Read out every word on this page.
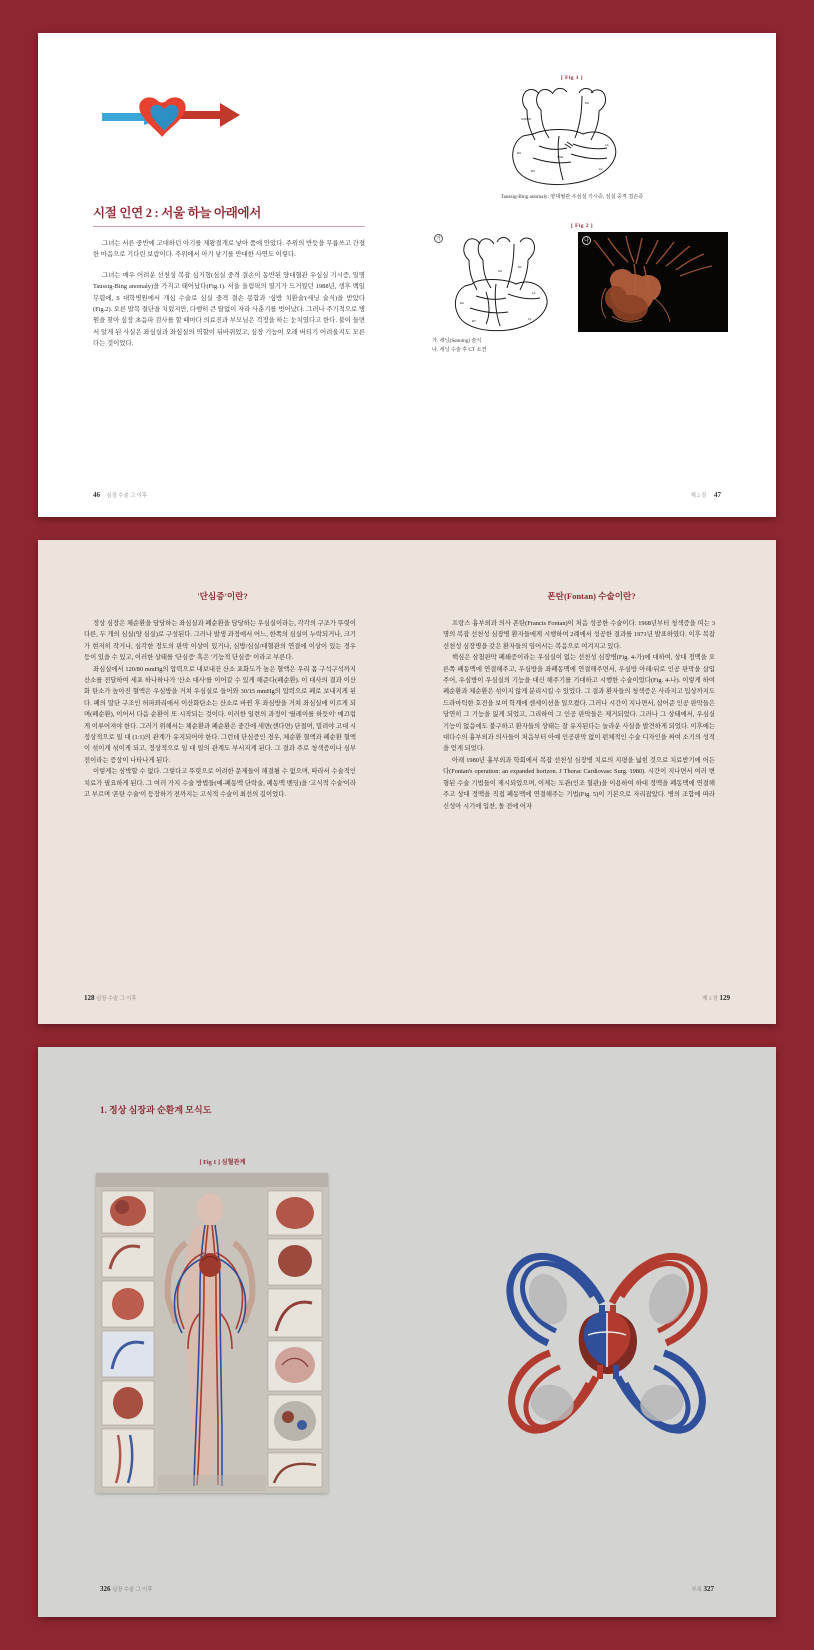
시절 인연 2 : 서울 하늘 아래에서

그녀는 서른 중반에 고대하던 아기를 제왕절개로 낳아 품에 안았다. 주위의 반듯을 무릅쓰고 간절한 마음으로 기다린 보람이다. 주위에서 아기 낳기를 반대한 사연도 이렇다.

그녀는 매우 어려운 선천성 복잡 심기형(심실 중격 결손이 동반된 양대혈관 우심실 기시증, 일명 Taussig-Bing anomaly)을 가지고 태어났다(Fig.1). 서울 올림픽의 열기가 드거웠던 1988년, 생후 백일 무렵에, S 대학병원에서 개심 수술로 심실 중격 결손 봉합과 '심방 치환술'(세닝 술식)을 받았다(Fig.2). 오른 발목 절단을 치렀지만, 다행히 큰 탈없이 자라 사춘기를 벗어났다. 그러나 주기적으로 병원을 찾아 심장 초음파 검사를 할 때마다 의료진과 부모님은 걱정을 하는 눈치였다고 한다. 불이 들면서 알게 된 사실은 좌심실과 좌심실의 역할이 뒤바뀌었고, 심장 기능이 오래 버티기 어려울지도 모른다는 것이었다.

46 심장 수술 그 이후
[ Fig 1 ]
AORTA
PA
RA
LA
RV	LV
VSD
Taussig-Bing anomaly: 양대혈관 우심실 기시증, 심실 중격 결손증
[ Fig 2 ]
가
AO
PA
RA
LA
RV	LV
나
가. 세닝(Senning) 술식
나. 세닝 수술 후 CT 소견
제 2 장 47
'단심증'이란?

정상 심장은 체순환을 담당하는 좌심실과 폐순환을 담당하는 우심실이라는, 각각의 구조가 뚜렷이 다른, 두 개의 심실(양 심실)로 구성된다. 그러나 발생 과정에서 어느, 한쪽의 심실이 누락되거나, 크기가 현저히 작거나, 심각한 정도의 판막 이상이 있거나, 심방/심실/대혈관의 연결에 이상이 있는 경우 등이 있을 수 있고, 이러한 상태를 '단심증' 혹은 '기능적 단심증' 이라고 부른다.

좌심실에서 120/80 mmHg의 압력으로 내보내진 산소 포화도가 높은 혈액은 우리 몸 구석구석까지 산소를 전달하여 세포 하나하나가 '산소 대사'를 이어갈 수 있게 해준다(폐순환). 이 대사의 결과 이산화 탄소가 높아진 혈액은 우심방을 거쳐 우심실로 들어와 30/15 mmHg의 압력으로 폐로 보내지게 된다. 폐의 말단 구조인 허파꽈리에서 이산화탄소는 산소로 바뀐 후 좌심방을 거쳐 좌심실에 이르게 되며(폐순환), 이어서 다음 순환이 또 시작되는 것이다. 이러한 일련의 과정이 '릴레이를 하듯이' 매끄럽게 이루어져야 한다. 그러기 위해서는 체순환과 폐순환은 중간에 새면(샌다면) 단절며, 밀려야 고대 시 정상적으로 일 대 (1:1)의 관계가 유지되어야 한다. 그런데 단심증인 경우, 체순환 혈액과 폐순환 혈액이 섞이게 섞이게 되고, 정상적으로 일 대 일의 관계도 부서지게 된다. 그 결과 주로 청색증이나 심부전이라는 증상이 나타나게 된다.

이렇게는 삼박할 수 없다. 그렇다고 뚜렷으로 어려한 문제들이 해결될 수 없으며, 따라서 수술적인 치료가 필요하게 된다. 그 여러 가지 수술 방법들(예-폐동맥 단락술, 폐동맥 밴딩)을 '고식적 수술'이라고 부르며 '폰탄 수술'이 등장하기 전까지는 고식적 수술이 최선의 길이었다.

128 심장 수술 그 이후
폰탄(Fontan) 수술이란?

프랑스 흉부외과 의사 폰탄(Francis Fontan)이 처음 성공한 수술이다. 1968년부터 청색증을 띠는 3명의 복잡 선천성 심장병 환자들에게 시행하여 2례에서 성공한 결과를 1971년 발표하였다. 이후 복잡 선천성 심장병을 갖은 환자들의 임어서는 복음으로 여겨지고 있다.

핵심은 삼첨판막 폐쇄증이라는 우심실이 없는 선천성 심장병(Fig. 4-가)에 대하여, 상대 정맥을 오른쪽 폐동맥에 연결해주고, 우심방을 좌폐동맥에 연결해주면서, 우심방 아래/뒤로 인공 판막을 삽입주어, 우심방이 우심실의 기능을 대신 해주기를 기대하고 시행한 수술이었다(Fig. 4-나). 이렇게 하여 폐순환과 체순환은 섞이지 않게 분리시킬 수 있었다. 그 결과 환자들의 청색증은 사라지고 입상까지도 드라마틱한 호전을 보여 학계에 센세이션을 일으켰다. 그러나 시간이 지나면서, 삽어준 인공 판막들은 당연히 그 기능을 잃게 되었고, 그리하여 그 인공 판막들은 제거되었다. 그러나 그 상태에서, 우심실 기능이 없음에도 불구하고 환자들의 상태는 잘 유지된다는 놀라운 사실을 발견하게 되었다. 이후에는 대다수의 흉부외과 의사들이 처음부터 아예 인공판막 없이 펀체적인 수술 디자인을 짜여 소기의 성적을 얻게 되었다.

아래 1980년 흉부외과 학회에서 복잡 선천성 심장병 치료의 지평을 넓힌 것으로 치료받기에 어든다(Fontan's operation: an expanded horizon. J Thorac Cardiovasc Surg. 1980). 시간이 지나면서 여러 변형된 수술 기법들이 제시되었으며, 이제는 도관(인조 혈관)을 이용하여 하대 정맥을 폐동맥에 연결해주고 상대 정맥을 직접 폐동맥에 연결해주는 기법(Fig. 5)이 기본으로 자리잡았다. 병의 조합에 따라 신성아 시기에 입찬, 돌 전에 어자

제 3 장 129
1. 정상 심장과 순환계 모식도
[ Fig 1 ] 심혈관계
326 심장 수술 그 이후	부록 327
